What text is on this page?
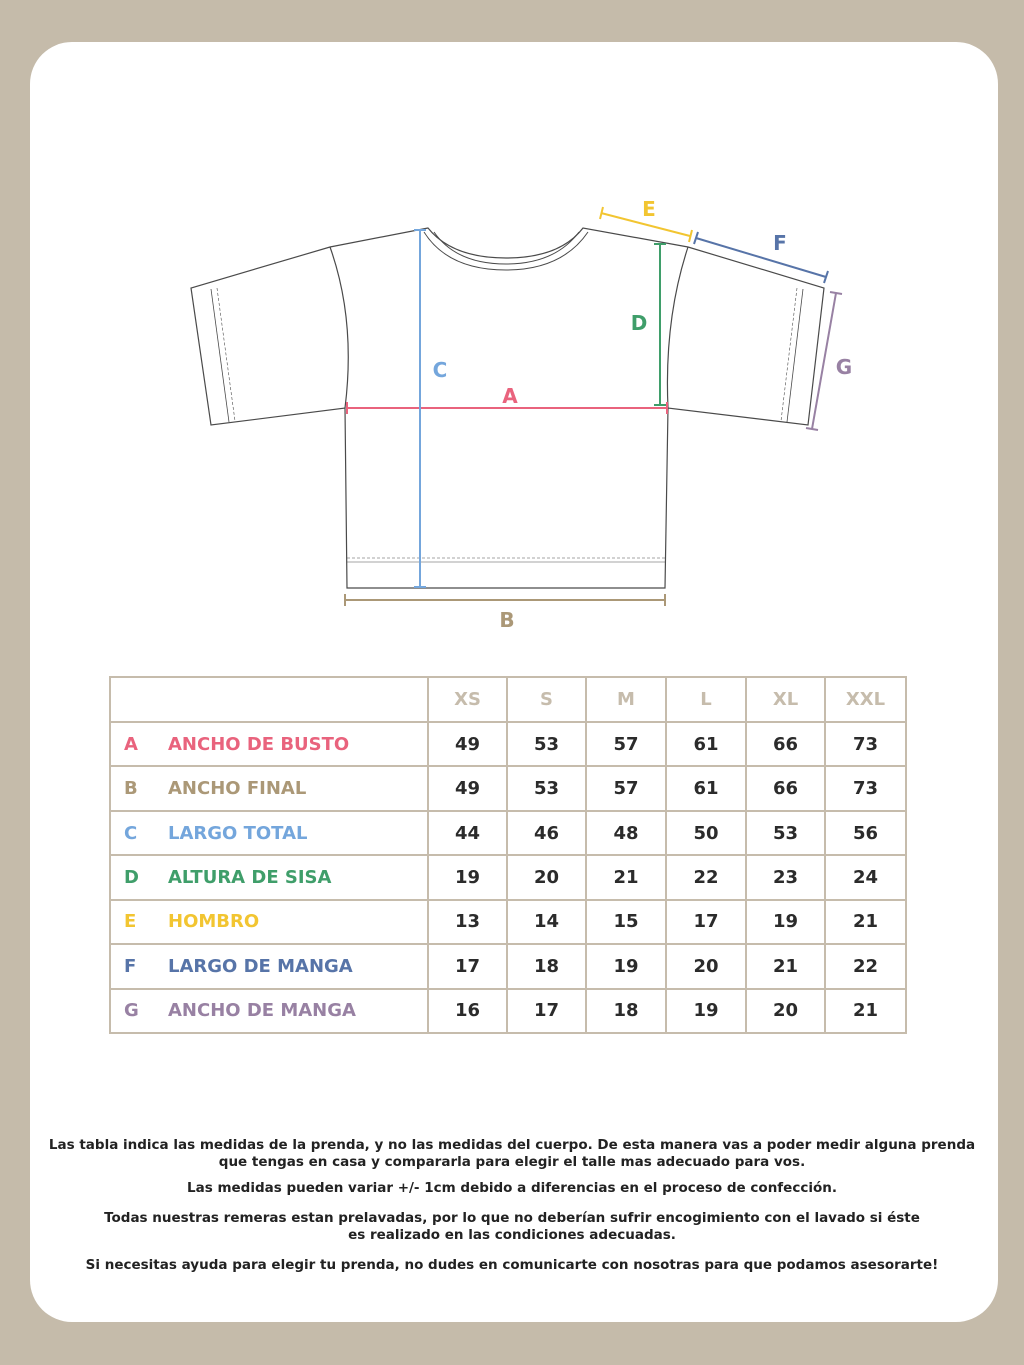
A
B
C
D
E
F
G
	XS	S	M	L	XL	XXL
A ANCHO DE BUSTO	49	53	57	61	66	73
B ANCHO FINAL	49	53	57	61	66	73
C LARGO TOTAL	44	46	48	50	53	56
D ALTURA DE SISA	19	20	21	22	23	24
E HOMBRO	13	14	15	17	19	21
F LARGO DE MANGA	17	18	19	20	21	22
G ANCHO DE MANGA	16	17	18	19	20	21

Las tabla indica las medidas de la prenda, y no las medidas del cuerpo. De esta manera vas a poder medir alguna prenda
que tengas en casa y compararla para elegir el talle mas adecuado para vos.

Las medidas pueden variar +/- 1cm debido a diferencias en el proceso de confección.

Todas nuestras remeras estan prelavadas, por lo que no deberían sufrir encogimiento con el lavado si éste
es realizado en las condiciones adecuadas.

Si necesitas ayuda para elegir tu prenda, no dudes en comunicarte con nosotras para que podamos asesorarte!
